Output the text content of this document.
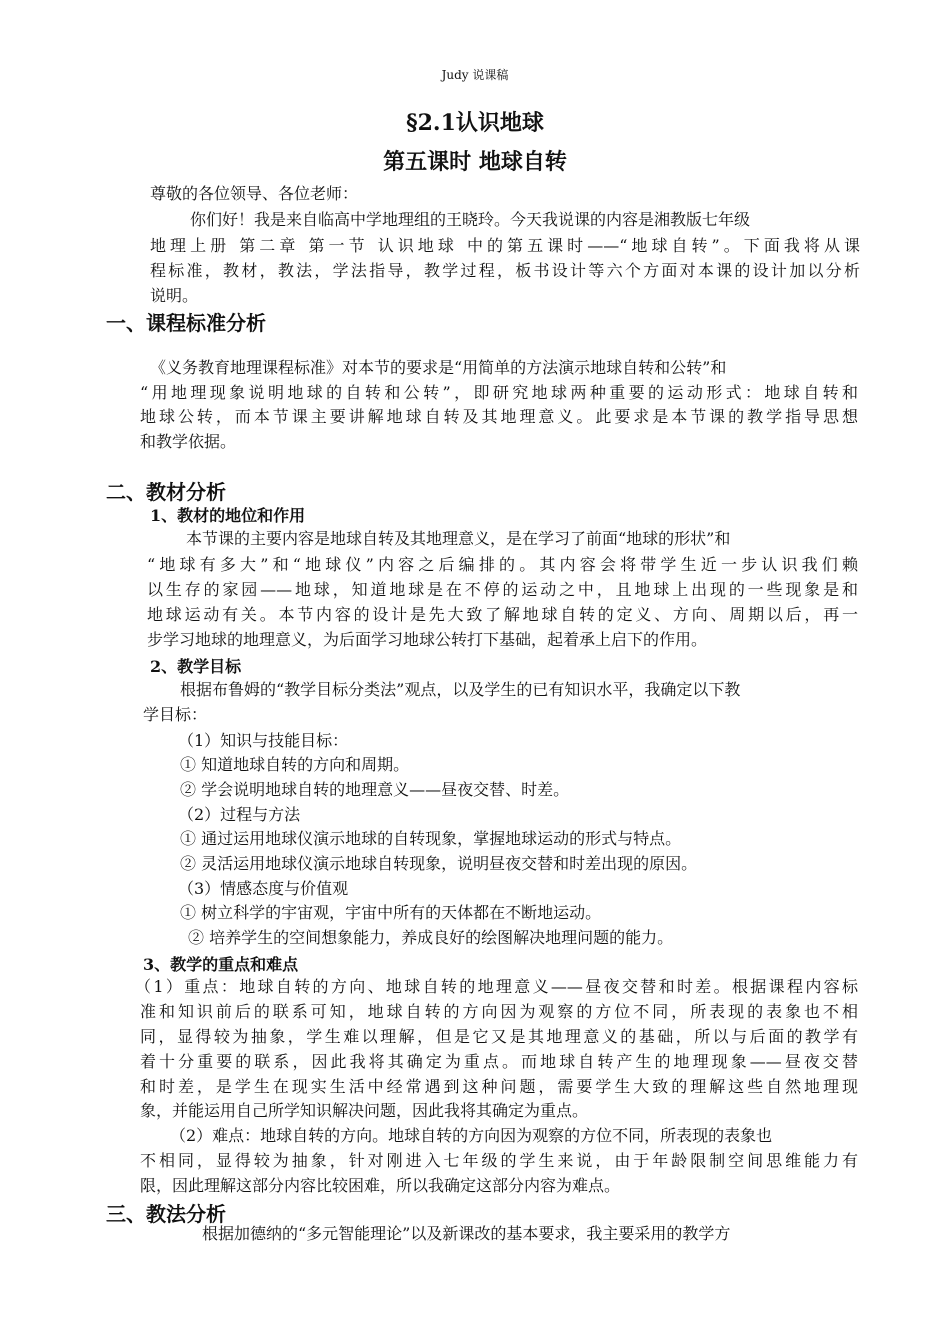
Judy 说课稿
§2.1认识地球
第五课时 地球自转
尊敬的各位领导、各位老师：
你们好！我是来自临高中学地理组的王晓玲。今天我说课的内容是湘教版七年级
地理上册 第二章 第一节 认识地球 中的第五课时——“地球自转”。下面我将从课
程标准，教材，教法，学法指导，教学过程，板书设计等六个方面对本课的设计加以分析
说明。
一、课程标准分析
《义务教育地理课程标准》对本节的要求是“用简单的方法演示地球自转和公转”和
“用地理现象说明地球的自转和公转”，即研究地球两种重要的运动形式：地球自转和
地球公转，而本节课主要讲解地球自转及其地理意义。此要求是本节课的教学指导思想
和教学依据。
二、教材分析
1、教材的地位和作用
本节课的主要内容是地球自转及其地理意义，是在学习了前面“地球的形状”和
“地球有多大”和“地球仪”内容之后编排的。其内容会将带学生近一步认识我们赖
以生存的家园——地球，知道地球是在不停的运动之中，且地球上出现的一些现象是和
地球运动有关。本节内容的设计是先大致了解地球自转的定义、方向、周期以后，再一
步学习地球的地理意义，为后面学习地球公转打下基础，起着承上启下的作用。
2、教学目标
根据布鲁姆的“教学目标分类法”观点，以及学生的已有知识水平，我确定以下教
学目标：
（1）知识与技能目标：
① 知道地球自转的方向和周期。
② 学会说明地球自转的地理意义——昼夜交替、时差。
（2）过程与方法
① 通过运用地球仪演示地球的自转现象，掌握地球运动的形式与特点。
② 灵活运用地球仪演示地球自转现象，说明昼夜交替和时差出现的原因。
（3）情感态度与价值观
① 树立科学的宇宙观，宇宙中所有的天体都在不断地运动。
② 培养学生的空间想象能力，养成良好的绘图解决地理问题的能力。
3、教学的重点和难点
（1）重点：地球自转的方向、地球自转的地理意义——昼夜交替和时差。根据课程内容标
准和知识前后的联系可知，地球自转的方向因为观察的方位不同，所表现的表象也不相
同，显得较为抽象，学生难以理解，但是它又是其地理意义的基础，所以与后面的教学有
着十分重要的联系，因此我将其确定为重点。而地球自转产生的地理现象——昼夜交替
和时差，是学生在现实生活中经常遇到这种问题，需要学生大致的理解这些自然地理现
象，并能运用自己所学知识解决问题，因此我将其确定为重点。
（2）难点：地球自转的方向。地球自转的方向因为观察的方位不同，所表现的表象也
不相同，显得较为抽象，针对刚进入七年级的学生来说，由于年龄限制空间思维能力有
限，因此理解这部分内容比较困难，所以我确定这部分内容为难点。
三、教法分析
根据加德纳的“多元智能理论”以及新课改的基本要求，我主要采用的教学方
